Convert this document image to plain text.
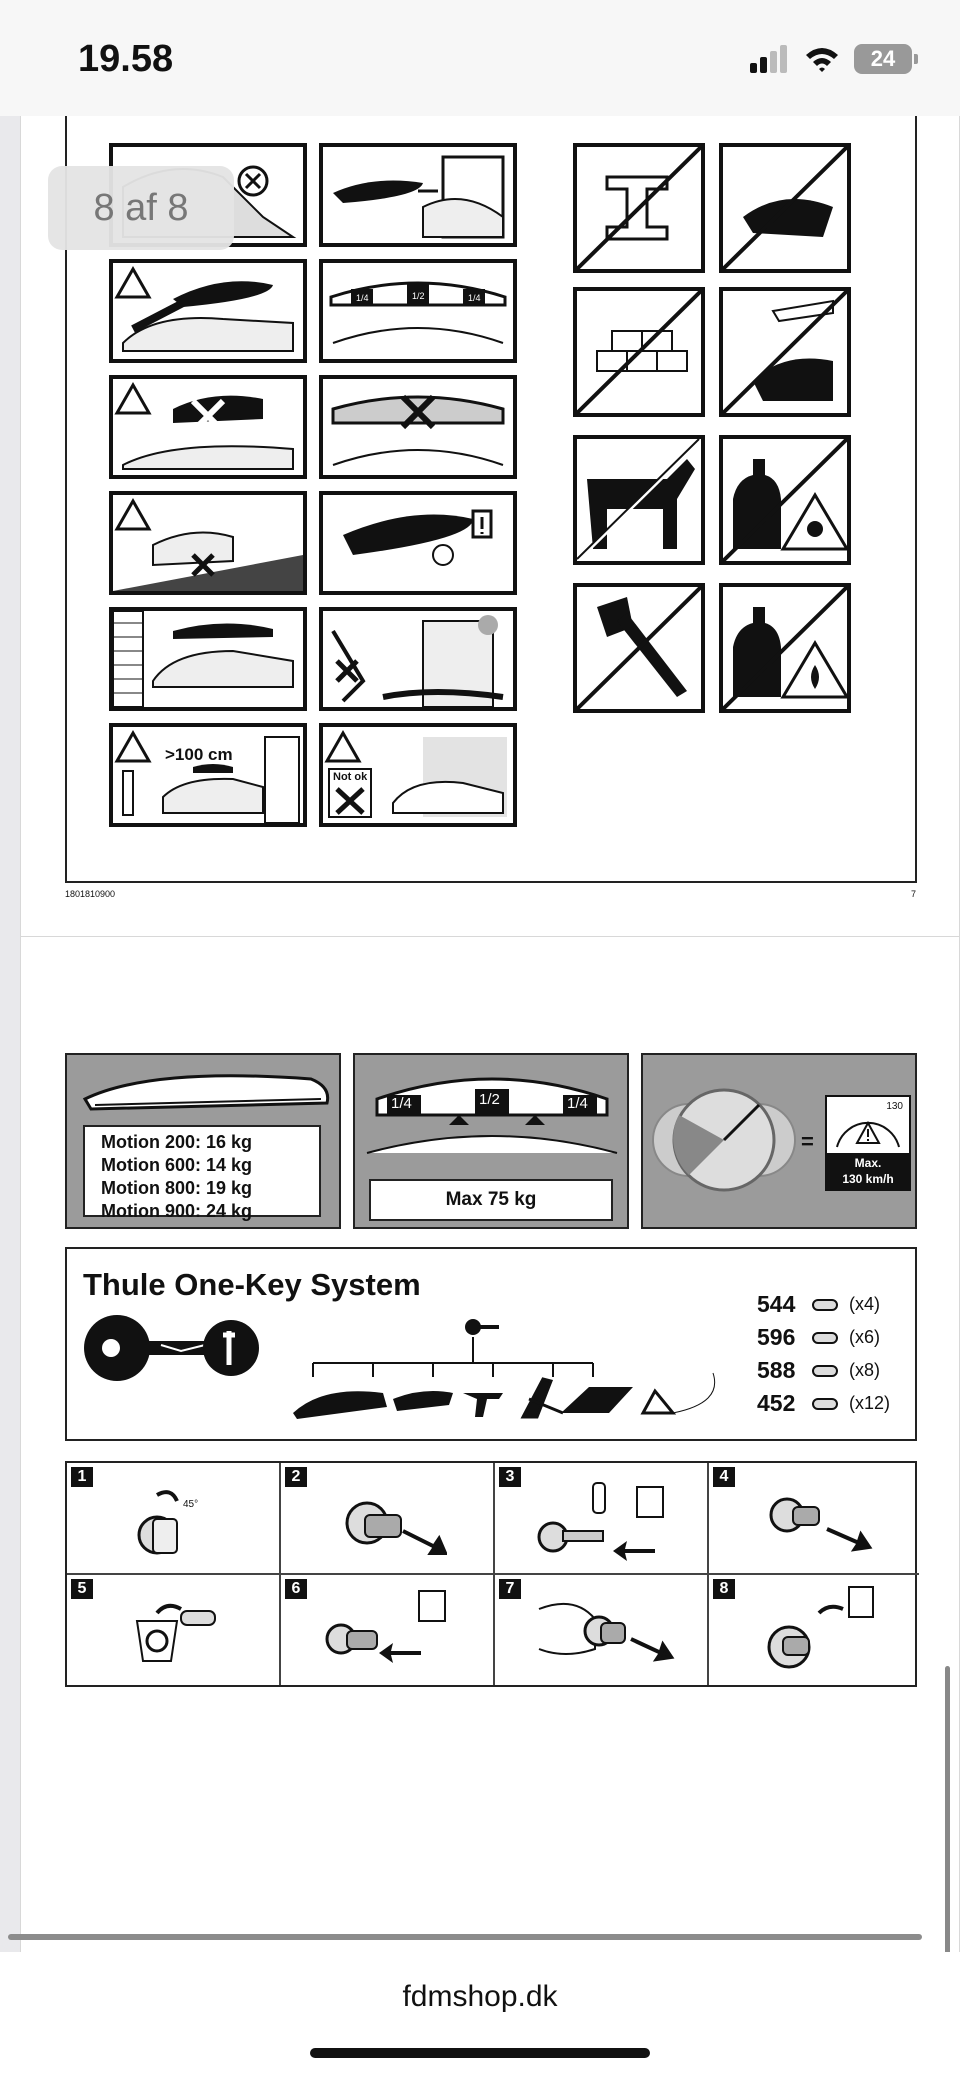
19.58	24
1/4	1/2	1/4
>100 cm
Not ok
1801810900	7
Motion 200: 16 kg
Motion 600: 14 kg
Motion 800: 19 kg
Motion 900: 24 kg
1/4	1/2	1/4
Max 75 kg
=
130
Max.
130 km/h
Thule One-Key System
544	(x4)
596	(x6)
588	(x8)
452	(x12)
1
45°
2	3	4
5	6	7	8
8 af 8
fdmshop.dk
